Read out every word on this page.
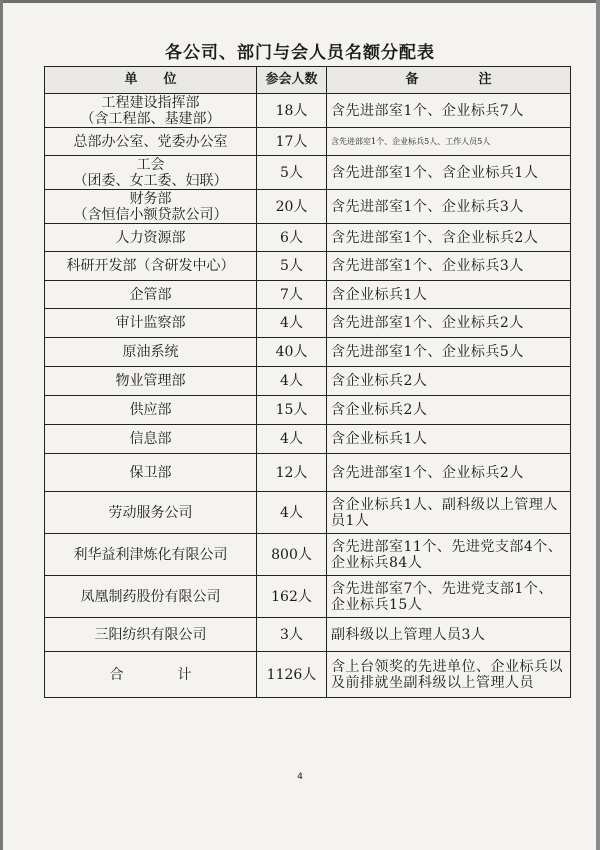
各公司、部门与会人员名额分配表
单位	参会人数	备注

工程建设指挥部
（含工程部、基建部）	18人	含先进部室1个、企业标兵7人

总部办公室、党委办公室	17人	含先进部室1个、企业标兵5人、工作人员5人

工会
（团委、女工委、妇联）	5人	含先进部室1个、含企业标兵1人

财务部
（含恒信小额贷款公司）	20人	含先进部室1个、企业标兵3人
人力资源部	6人	含先进部室1个、含企业标兵2人
科研开发部（含研发中心）	5人	含先进部室1个、企业标兵3人
企管部	7人	含企业标兵1人
审计监察部	4人	含先进部室1个、企业标兵2人
原油系统	40人	含先进部室1个、企业标兵5人
物业管理部	4人	含企业标兵2人
供应部	15人	含企业标兵2人
信息部	4人	含企业标兵1人
保卫部	12人	含先进部室1个、企业标兵2人
劳动服务公司	4人	含企业标兵1人、副科级以上管理人员1人
利华益利津炼化有限公司	800人	含先进部室11个、先进党支部4个、企业标兵84人
凤凰制药股份有限公司	162人	含先进部室7个、先进党支部1个、企业标兵15人
三阳纺织有限公司	3人	副科级以上管理人员3人
合计	1126人	含上台领奖的先进单位、企业标兵以及前排就坐副科级以上管理人员
4
